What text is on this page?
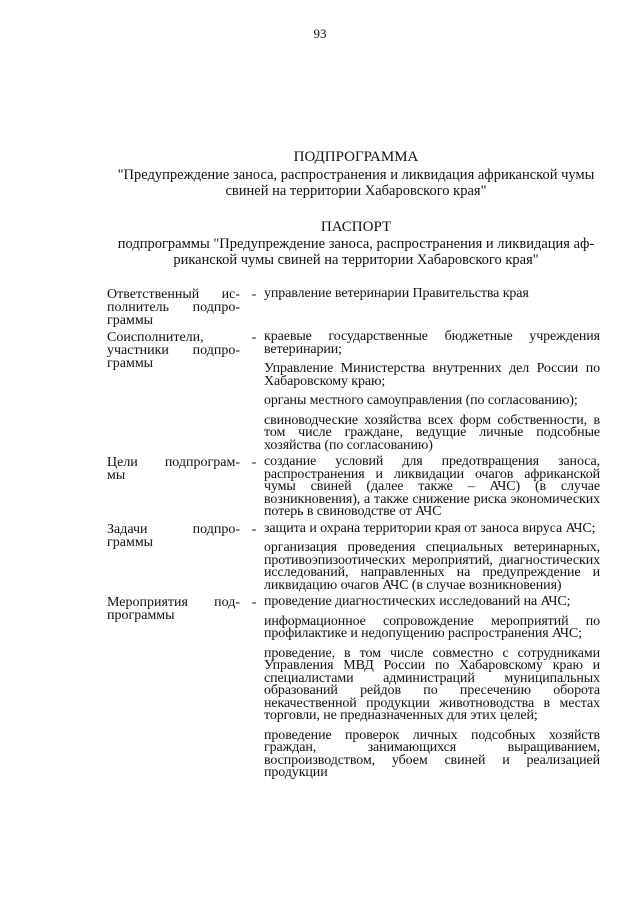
93
ПОДПРОГРАММА
"Предупреждение заноса, распространения и ликвидация африканской чумы
свиней на территории Хабаровского края"
ПАСПОРТ
подпрограммы "Предупреждение заноса, распространения и ликвидация аф-
риканской чумы свиней на территории Хабаровского края"
Ответственный ис-
полнитель подпро-
граммы
- управление ветеринарии Правительства края
Соисполнители,
участники подпро-
граммы
- краевые государственные бюджетные учреждения ветеринарии;
Управление Министерства внутренних дел России по Хабаровскому краю;
органы местного самоуправления (по согласованию);
свиноводческие хозяйства всех форм собственности, в том числе граждане, ведущие личные подсобные хозяйства (по согласованию)
Цели подпрограм-
мы
- создание условий для предотвращения заноса, распространения и ликвидации очагов африканской чумы свиней (далее также – АЧС) (в случае возникновения), а также снижение риска экономических потерь в свиноводстве от АЧС
Задачи подпро-
граммы
- защита и охрана территории края от заноса вируса АЧС;
организация проведения специальных ветеринарных, противоэпизоотических мероприятий, диагностических исследований, направленных на предупреждение и ликвидацию очагов АЧС (в случае возникновения)
Мероприятия под-
программы
- проведение диагностических исследований на АЧС;
информационное сопровождение мероприятий по профилактике и недопущению распространения АЧС;
проведение, в том числе совместно с сотрудниками Управления МВД России по Хабаровскому краю и специалистами администраций муниципальных образований рейдов по пресечению оборота некачественной продукции животноводства в местах торговли, не предназначенных для этих целей;
проведение проверок личных подсобных хозяйств граждан, занимающихся выращиванием, воспроизводством, убоем свиней и реализацией продукции
